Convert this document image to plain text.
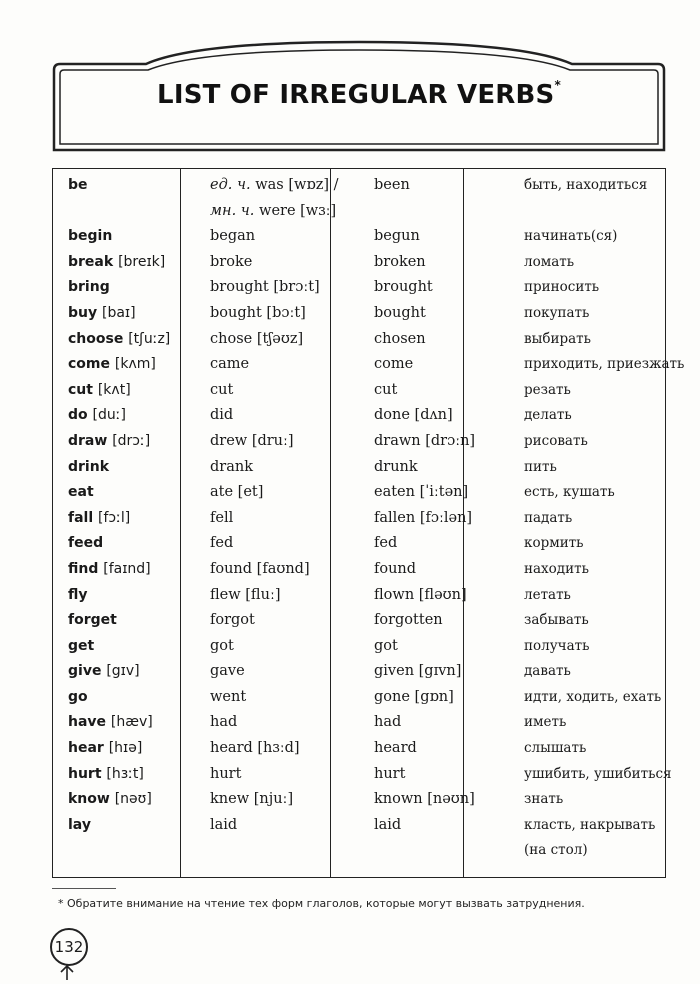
LIST OF IRREGULAR VERBS*
be	ед. ч. was [wɒz] /
мн. ч. were [wɜː]	been	быть, находиться
begin	began	begun	начинать(ся)
break [breɪk]	broke	broken	ломать
bring	brought [brɔːt]	brought	приносить
buy [baɪ]	bought [bɔːt]	bought	покупать
choose [tʃuːz]	chose [tʃəʊz]	chosen	выбирать
come [kʌm]	came	come	приходить, приезжать
cut [kʌt]	cut	cut	резать
do [duː]	did	done [dʌn]	делать
draw [drɔː]	drew [druː]	drawn [drɔːn]	рисовать
drink	drank	drunk	пить
eat	ate [et]	eaten [ˈiːtən]	есть, кушать
fall [fɔːl]	fell	fallen [fɔːlən]	падать
feed	fed	fed	кормить
find [faɪnd]	found [faʊnd]	found	находить
fly	flew [fluː]	flown [fləʊn]	летать
forget	forgot	forgotten	забывать
get	got	got	получать
give [gɪv]	gave	given [gɪvn]	давать
go	went	gone [gɒn]	идти, ходить, ехать
have [hæv]	had	had	иметь
hear [hɪə]	heard [hɜːd]	heard	слышать
hurt [hɜːt]	hurt	hurt	ушибить, ушибиться
know [nəʊ]	knew [njuː]	known [nəʊn]	знать
lay	laid	laid	класть, накрывать
(на стол)
* Обратите внимание на чтение тех форм глаголов, которые могут вызвать затруднения.
132
